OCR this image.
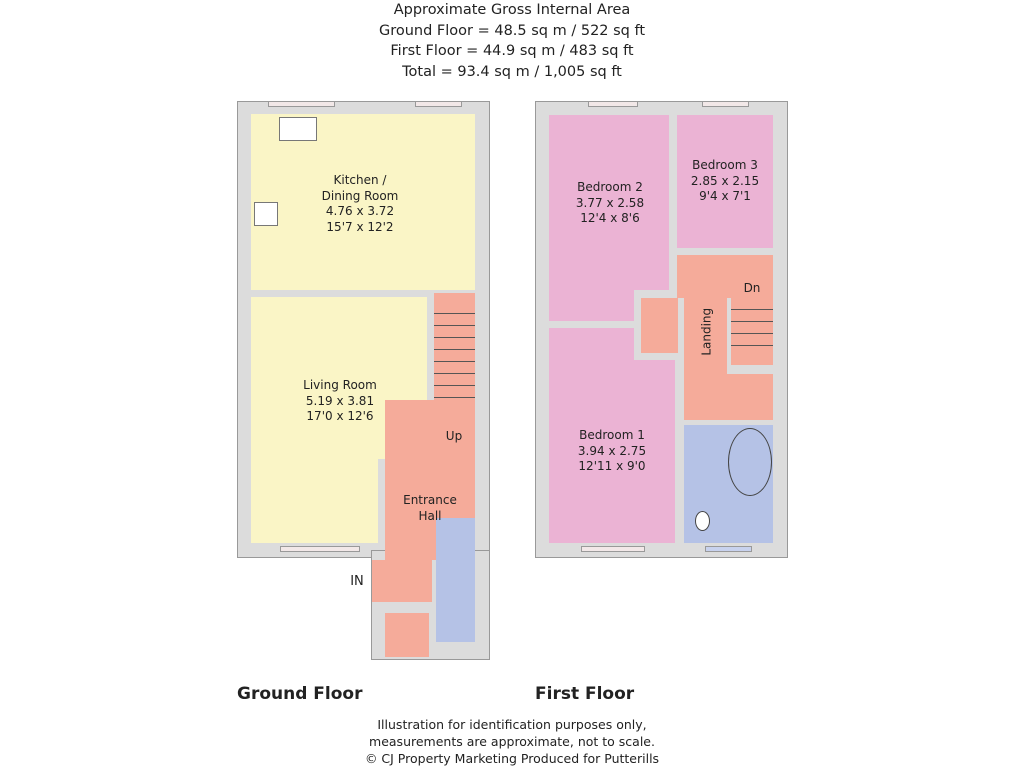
Approximate Gross Internal Area
Ground Floor = 48.5 sq m / 522 sq ft
First Floor = 44.9 sq m / 483 sq ft
Total = 93.4 sq m / 1,005 sq ft
Kitchen /
Dining Room
4.76 x 3.72
15'7 x 12'2
Living Room
5.19 x 3.81
17'0 x 12'6
Entrance
Hall
Up
IN
Bedroom 2
3.77 x 2.58
12'4 x 8'6
Bedroom 3
2.85 x 2.15
9'4 x 7'1
Bedroom 1
3.94 x 2.75
12'11 x 9'0
Landing
Dn
Ground Floor	First Floor
Illustration for identification purposes only,
measurements are approximate, not to scale.
© CJ Property Marketing Produced for Putterills
